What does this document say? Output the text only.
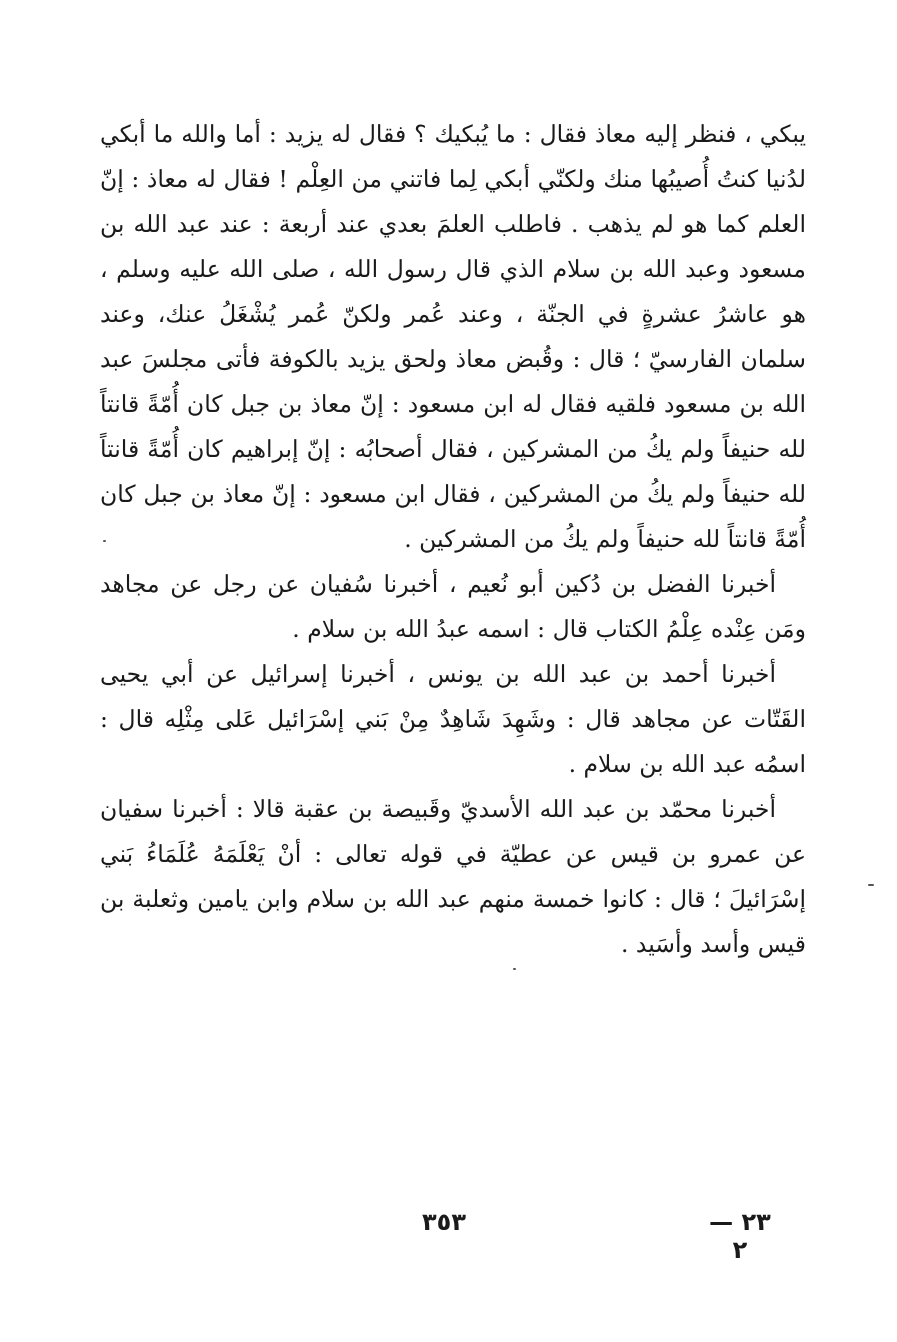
يبكي ، فنظر إليه معاذ فقال : ما يُبكيك ؟ فقال له يزيد : أما والله ما أبكي لدُنيا كنتُ أُصيبُها منك ولكنّي أبكي لِما فاتني من العِلْم ! فقال له معاذ : إنّ العلم كما هو لم يذهب . فاطلب العلمَ بعدي عند أربعة : عند عبد الله بن مسعود وعبد الله بن سلام الذي قال رسول الله ، صلى الله عليه وسلم ، هو عاشرُ عشرةٍ في الجنّة ، وعند عُمر ولكنّ عُمر يُشْغَلُ عنك، وعند سلمان الفارسيّ ؛ قال : وقُبض معاذ ولحق يزيد بالكوفة فأتى مجلسَ عبد الله بن مسعود فلقيه فقال له ابن مسعود : إنّ معاذ بن جبل كان أُمّةً قانتاً لله حنيفاً ولم يكُ من المشركين ، فقال أصحابُه : إنّ إبراهيم كان أُمّةً قانتاً لله حنيفاً ولم يكُ من المشركين ، فقال ابن مسعود : إنّ معاذ بن جبل كان أُمّةً قانتاً لله حنيفاً ولم يكُ من المشركين .

أخبرنا الفضل بن دُكين أبو نُعيم ، أخبرنا سُفيان عن رجل عن مجاهد ومَن عِنْده عِلْمُ الكتاب قال : اسمه عبدُ الله بن سلام .

أخبرنا أحمد بن عبد الله بن يونس ، أخبرنا إسرائيل عن أبي يحيى القَتّات عن مجاهد قال : وشَهِدَ شَاهِدٌ مِنْ بَني إسْرَائيل عَلى مِثْلِه قال : اسمُه عبد الله بن سلام .

أخبرنا محمّد بن عبد الله الأسديّ وقَبيصة بن عقبة قالا : أخبرنا سفيان عن عمرو بن قيس عن عطيّة في قوله تعالى : أنْ يَعْلَمَهُ عُلَمَاءُ بَني إسْرَائيلَ ؛ قال : كانوا خمسة منهم عبد الله بن سلام وابن يامين وثعلبة بن قيس وأسد وأسَيد .

٣٥٣	٢٣ — ٢
